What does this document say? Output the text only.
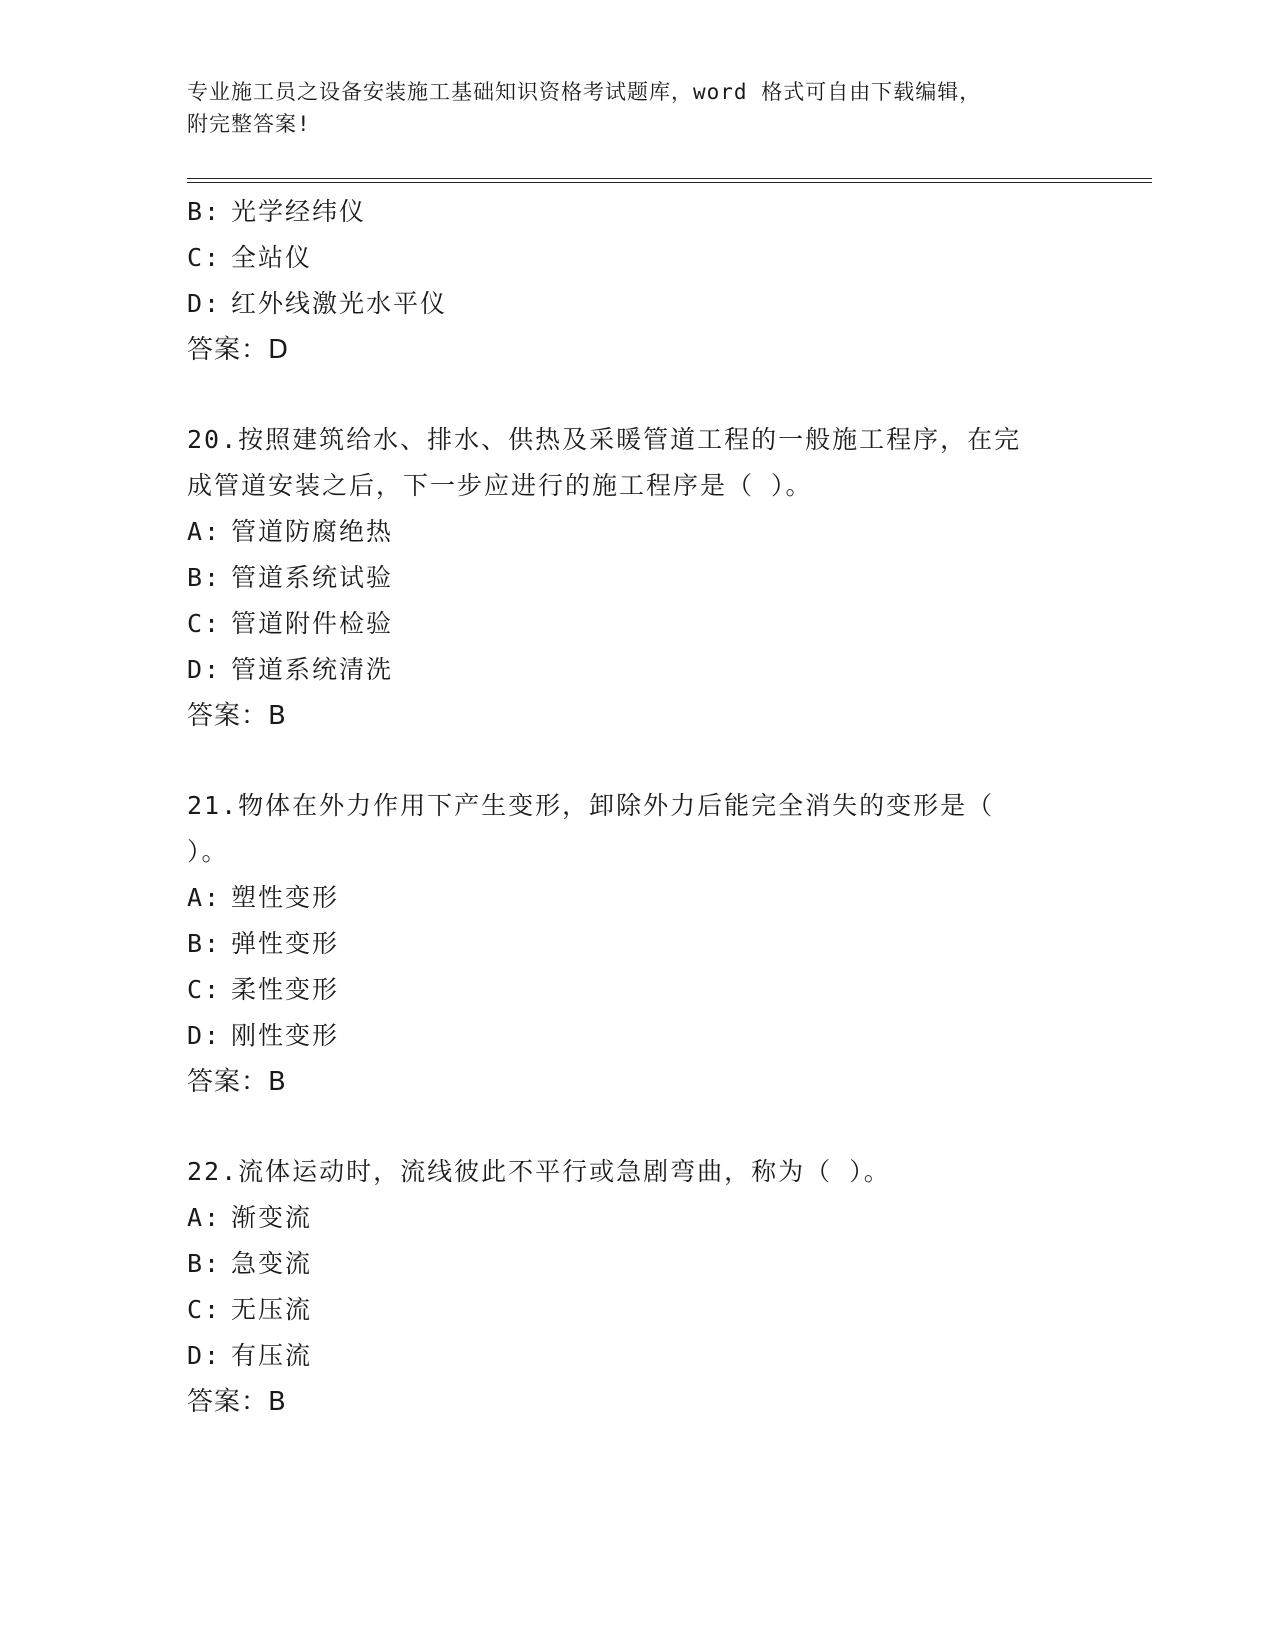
专业施工员之设备安装施工基础知识资格考试题库，word 格式可自由下载编辑，
附完整答案!
B: 光学经纬仪
C: 全站仪
D: 红外线激光水平仪
答案：D
20.按照建筑给水、排水、供热及采暖管道工程的一般施工程序，在完
成管道安装之后，下一步应进行的施工程序是（ ）。
A: 管道防腐绝热
B: 管道系统试验
C: 管道附件检验
D: 管道系统清洗
答案：B
21.物体在外力作用下产生变形，卸除外力后能完全消失的变形是（
）。
A: 塑性变形
B: 弹性变形
C: 柔性变形
D: 刚性变形
答案：B
22.流体运动时，流线彼此不平行或急剧弯曲，称为（ ）。
A: 渐变流
B: 急变流
C: 无压流
D: 有压流
答案：B
